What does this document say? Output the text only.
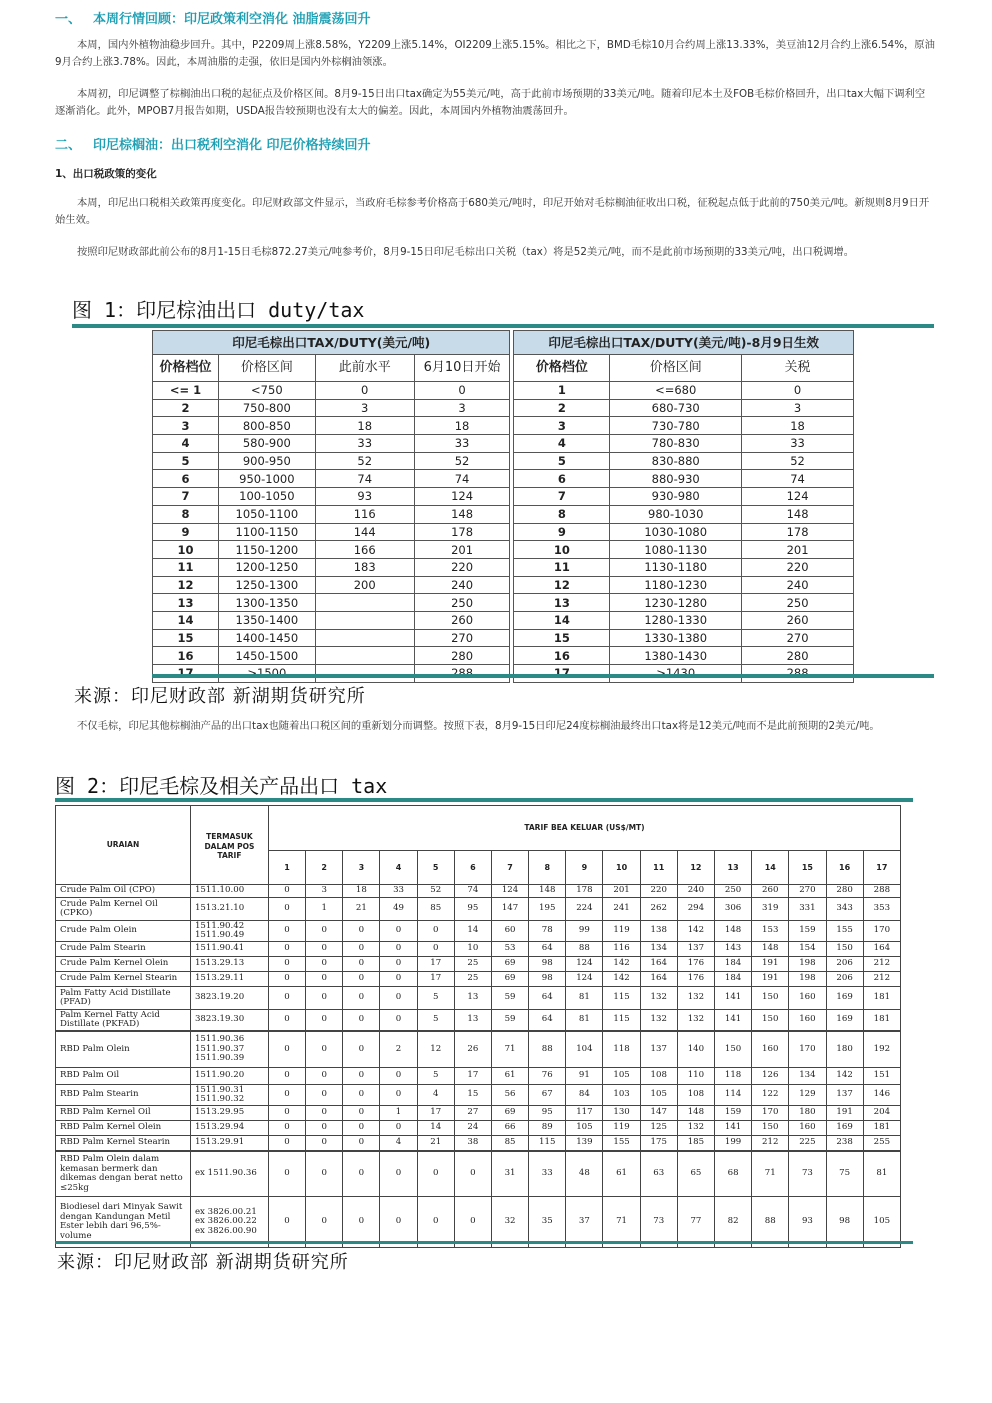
一、 本周行情回顾：印尼政策利空消化 油脂震荡回升
本周，国内外植物油稳步回升。其中，P2209周上涨8.58%，Y2209上涨5.14%，OI2209上涨5.15%。相比之下，BMD毛棕10月合约周上涨13.33%，美豆油12月合约上涨6.54%，原油9月合约上涨3.78%。因此，本周油脂的走强，依旧是国内外棕榈油领涨。
本周初，印尼调整了棕榈油出口税的起征点及价格区间。8月9-15日出口tax确定为55美元/吨，高于此前市场预期的33美元/吨。随着印尼本土及FOB毛棕价格回升，出口tax大幅下调利空逐渐消化。此外，MPOB7月报告如期，USDA报告较预期也没有太大的偏差。因此，本周国内外植物油震荡回升。
二、 印尼棕榈油：出口税利空消化 印尼价格持续回升
1、出口税政策的变化
本周，印尼出口税相关政策再度变化。印尼财政部文件显示，当政府毛棕参考价格高于680美元/吨时，印尼开始对毛棕榈油征收出口税，征税起点低于此前的750美元/吨。新规则8月9日开始生效。
按照印尼财政部此前公布的8月1-15日毛棕872.27美元/吨参考价，8月9-15日印尼毛棕出口关税（tax）将是52美元/吨，而不是此前市场预期的33美元/吨，出口税调增。
图 1：印尼棕油出口 duty/tax
印尼毛棕出口TAX/DUTY(美元/吨)					印尼毛棕出口TAX/DUTY(美元/吨)-8月9日生效		
价格档位	价格区间	此前水平	6月10日开始		价格档位	价格区间	关税
<= 1	<750	0	0		1	<=680	0
2	750-800	3	3		2	680-730	3
3	800-850	18	18		3	730-780	18
4	580-900	33	33		4	780-830	33
5	900-950	52	52		5	830-880	52
6	950-1000	74	74		6	880-930	74
7	100-1050	93	124		7	930-980	124
8	1050-1100	116	148		8	980-1030	148
9	1100-1150	144	178		9	1030-1080	178
10	1150-1200	166	201		10	1080-1130	201
11	1200-1250	183	220		11	1130-1180	220
12	1250-1300	200	240		12	1180-1230	240
13	1300-1350		250		13	1230-1280	250
14	1350-1400		260		14	1280-1330	260
15	1400-1450		270		15	1330-1380	270
16	1450-1500		280		16	1380-1430	280

来源：印尼财政部 新湖期货研究所
不仅毛棕，印尼其他棕榈油产品的出口tax也随着出口税区间的重新划分而调整。按照下表，8月9-15日印尼24度棕榈油最终出口tax将是12美元/吨而不是此前预期的2美元/吨。
图 2：印尼毛棕及相关产品出口 tax
URAIAN	TERMASUK DALAM POS TARIF	TARIF BEA KELUAR (US$/MT)																
		1	2	3	4	5	6	7	8	9	10	11	12	13	14	15	16	17
Crude Palm Oil (CPO)	1511.10.00	0	3	18	33	52	74	124	148	178	201	220	240	250	260	270	280	288
Crude Palm Kernel Oil (CPKO)	1513.21.10	0	1	21	49	85	95	147	195	224	241	262	294	306	319	331	343	353
Crude Palm Olein	1511.90.42
1511.90.49	0	0	0	0	0	14	60	78	99	119	138	142	148	153	159	155	170
Crude Palm Stearin	1511.90.41	0	0	0	0	0	10	53	64	88	116	134	137	143	148	154	150	164
Crude Palm Kernel Olein	1513.29.13	0	0	0	0	17	25	69	98	124	142	164	176	184	191	198	206	212
Crude Palm Kernel Stearin	1513.29.11	0	0	0	0	17	25	69	98	124	142	164	176	184	191	198	206	212
Palm Fatty Acid Distillate (PFAD)	3823.19.20	0	0	0	0	5	13	59	64	81	115	132	132	141	150	160	169	181
Palm Kernel Fatty Acid Distillate (PKFAD)	3823.19.30	0	0	0	0	5	13	59	64	81	115	132	132	141	150	160	169	181
RBD Palm Olein	1511.90.36
1511.90.37
1511.90.39	0	0	0	2	12	26	71	88	104	118	137	140	150	160	170	180	192
RBD Palm Oil	1511.90.20	0	0	0	0	5	17	61	76	91	105	108	110	118	126	134	142	151
RBD Palm Stearin	1511.90.31
1511.90.32	0	0	0	0	4	15	56	67	84	103	105	108	114	122	129	137	146
RBD Palm Kernel Oil	1513.29.95	0	0	0	1	17	27	69	95	117	130	147	148	159	170	180	191	204
RBD Palm Kernel Olein	1513.29.94	0	0	0	0	14	24	66	89	105	119	125	132	141	150	160	169	181
RBD Palm Kernel Stearin	1513.29.91	0	0	0	4	21	38	85	115	139	155	175	185	199	212	225	238	255
RBD Palm Olein dalam kemasan bermerk dan dikemas dengan berat netto ≤25kg	ex 1511.90.36	0	0	0	0	0	0	31	33	48	61	63	65	68	71	73	75	81
Biodiesel dari Minyak Sawit dengan Kandungan Metil Ester lebih dari 96,5%-volume	ex 3826.00.21
ex 3826.00.22
ex 3826.00.90	0	0	0	0	0	0	32	35	37	71	73	77	82	88	93	98	105
来源：印尼财政部 新湖期货研究所
